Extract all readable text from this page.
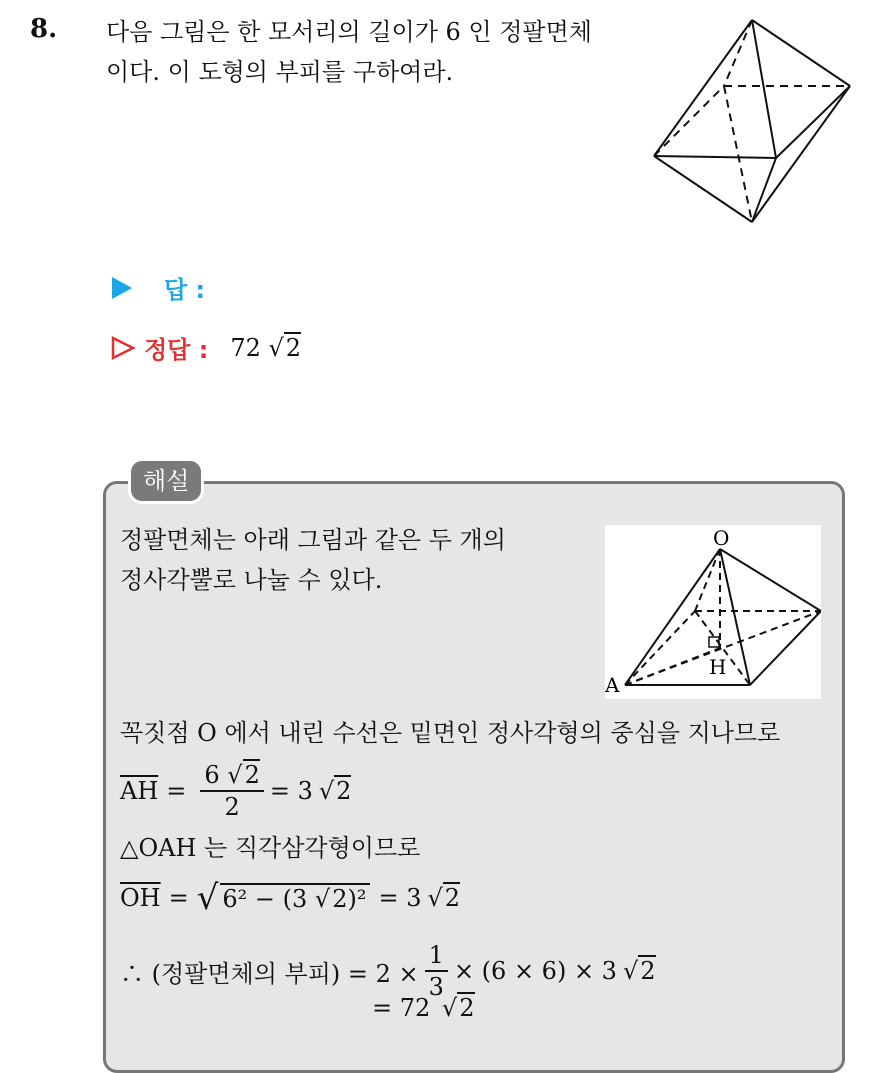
8. 다음 그림은 한 모서리의 길이가 6 인 정팔면체
이다. 이 도형의 부피를 구하여라.
답 :
정답 : 72 √2
해설
정팔면체는 아래 그림과 같은 두 개의
정사각뿔로 나눌 수 있다.
O
A
H
꼭짓점 O 에서 내린 수선은 밑면인 정사각형의 중심을 지나므로
$\overline{AH} = \frac{6 √2}{2} = 3$ √2
△OAH 는 직각삼각형이므로
$\overline{OH}$ = √ 6² − (3 √2)² = 3 √2
∴ (정팔면체의 부피) = $2 \times \frac{1}{3} \times (6 \times 6) \times 3$ √2
= 72 √2
